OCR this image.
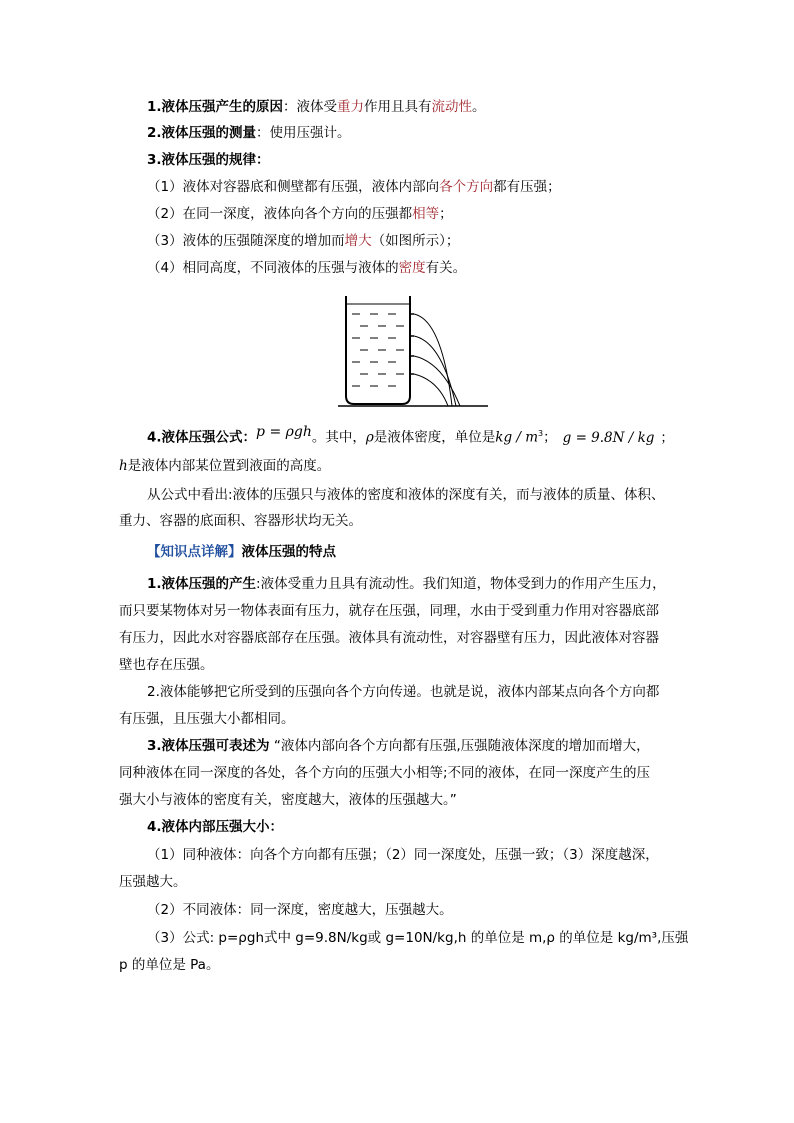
1.液体压强产生的原因：液体受重力作用且具有流动性。
2.液体压强的测量：使用压强计。
3.液体压强的规律：
（1）液体对容器底和侧壁都有压强，液体内部向各个方向都有压强；
（2）在同一深度，液体向各个方向的压强都相等；
（3）液体的压强随深度的增加而增大（如图所示）；
（4）相同高度，不同液体的压强与液体的密度有关。
4.液体压强公式：p = ρgh。其中，ρ是液体密度，单位是kg / $m^3$； g = 9.8N / kg ；
h是液体内部某位置到液面的高度。
从公式中看出:液体的压强只与液体的密度和液体的深度有关，而与液体的质量、体积、
重力、容器的底面积、容器形状均无关。
【知识点详解】液体压强的特点
1.液体压强的产生:液体受重力且具有流动性。我们知道，物体受到力的作用产生压力，
而只要某物体对另一物体表面有压力，就存在压强，同理，水由于受到重力作用对容器底部
有压力，因此水对容器底部存在压强。液体具有流动性，对容器壁有压力，因此液体对容器
壁也存在压强。
2.液体能够把它所受到的压强向各个方向传递。也就是说，液体内部某点向各个方向都
有压强，且压强大小都相同。
3.液体压强可表述为 “液体内部向各个方向都有压强,压强随液体深度的增加而增大，
同种液体在同一深度的各处，各个方向的压强大小相等;不同的液体，在同一深度产生的压
强大小与液体的密度有关，密度越大，液体的压强越大。”
4.液体内部压强大小：
（1）同种液体：向各个方向都有压强；（2）同一深度处，压强一致；（3）深度越深，
压强越大。
（2）不同液体：同一深度，密度越大，压强越大。
（3）公式: p=ρgh式中 g=9.8N/kg或 g=10N/kg,h 的单位是 m,ρ 的单位是 kg/m³,压强
p 的单位是 Pa。
